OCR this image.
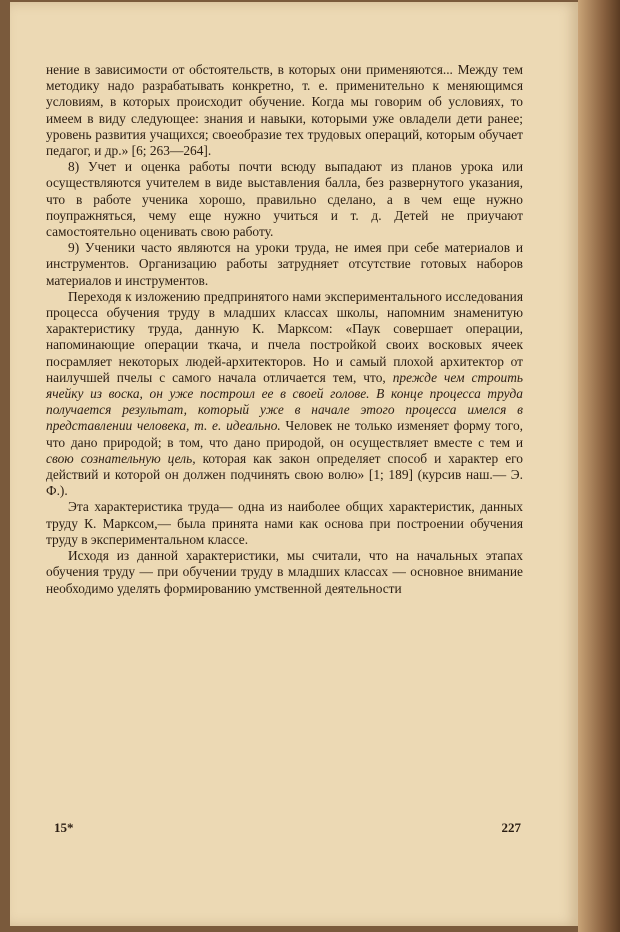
нение в зависимости от обстоятельств, в которых они применяются... Между тем методику надо разрабатывать конкретно, т. е. применительно к меняющимся условиям, в которых происходит обучение. Когда мы говорим об условиях, то имеем в виду следующее: знания и навыки, которыми уже овладели дети ранее; уровень развития учащихся; своеобразие тех трудовых операций, которым обучает педагог, и др.» [6; 263—264].

8) Учет и оценка работы почти всюду выпадают из планов урока или осуществляются учителем в виде выставления балла, без развернутого указания, что в работе ученика хорошо, правильно сделано, а в чем еще нужно поупражняться, чему еще нужно учиться и т. д. Детей не приучают самостоятельно оценивать свою работу.

9) Ученики часто являются на уроки труда, не имея при себе материалов и инструментов. Организацию работы затрудняет отсутствие готовых наборов материалов и инструментов.

Переходя к изложению предпринятого нами экспериментального исследования процесса обучения труду в младших классах школы, напомним знаменитую характеристику труда, данную К. Марксом: «Паук совершает операции, напоминающие операции ткача, и пчела постройкой своих восковых ячеек посрамляет некоторых людей-архитекторов. Но и самый плохой архитектор от наилучшей пчелы с самого начала отличается тем, что, прежде чем строить ячейку из воска, он уже построил ее в своей голове. В конце процесса труда получается результат, который уже в начале этого процесса имелся в представлении человека, т. е. идеально. Человек не только изменяет форму того, что дано природой; в том, что дано природой, он осуществляет вместе с тем и свою сознательную цель, которая как закон определяет способ и характер его действий и которой он должен подчинять свою волю» [1; 189] (курсив наш.— Э. Ф.).

Эта характеристика труда— одна из наиболее общих характеристик, данных труду К. Марксом,— была принята нами как основа при построении обучения труду в экспериментальном классе.

Исходя из данной характеристики, мы считали, что на начальных этапах обучения труду — при обучении труду в младших классах — основное внимание необходимо уделять формированию умственной деятельности

15*	227
